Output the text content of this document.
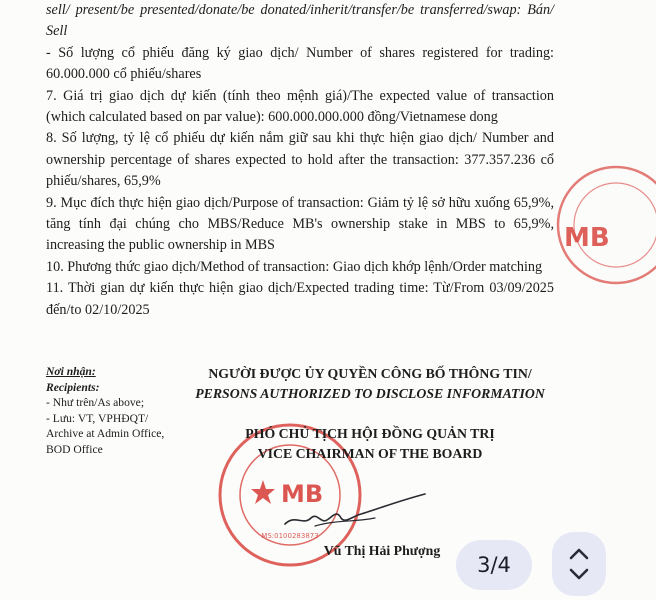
sell/ present/be presented/donate/be donated/inherit/transfer/be transferred/swap: Bán/ Sell

- Số lượng cổ phiếu đăng ký giao dịch/ Number of shares registered for trading: 60.000.000 cổ phiếu/shares

7. Giá trị giao dịch dự kiến (tính theo mệnh giá)/The expected value of transaction (which calculated based on par value): 600.000.000.000 đồng/Vietnamese dong

8. Số lượng, tỷ lệ cổ phiếu dự kiến nắm giữ sau khi thực hiện giao dịch/ Number and ownership percentage of shares expected to hold after the transaction: 377.357.236 cổ phiếu/shares, 65,9%

9. Mục đích thực hiện giao dịch/Purpose of transaction: Giảm tỷ lệ sở hữu xuống 65,9%, tăng tính đại chúng cho MBS/Reduce MB's ownership stake in MBS to 65,9%, increasing the public ownership in MBS

10. Phương thức giao dịch/Method of transaction: Giao dịch khớp lệnh/Order matching

11. Thời gian dự kiến thực hiện giao dịch/Expected trading time: Từ/From 03/09/2025 đến/to 02/10/2025

Nơi nhận:
Recipients:
- Như trên/As above;
- Lưu: VT, VPHĐQT/
Archive at Admin Office,
BOD Office
MB
MS:0100283873
MB
NGƯỜI ĐƯỢC ỦY QUYỀN CÔNG BỐ THÔNG TIN/
PERSONS AUTHORIZED TO DISCLOSE INFORMATION
PHÓ CHỦ TỊCH HỘI ĐỒNG QUẢN TRỊ
VICE CHAIRMAN OF THE BOARD
Vũ Thị Hải Phượng
3/4
